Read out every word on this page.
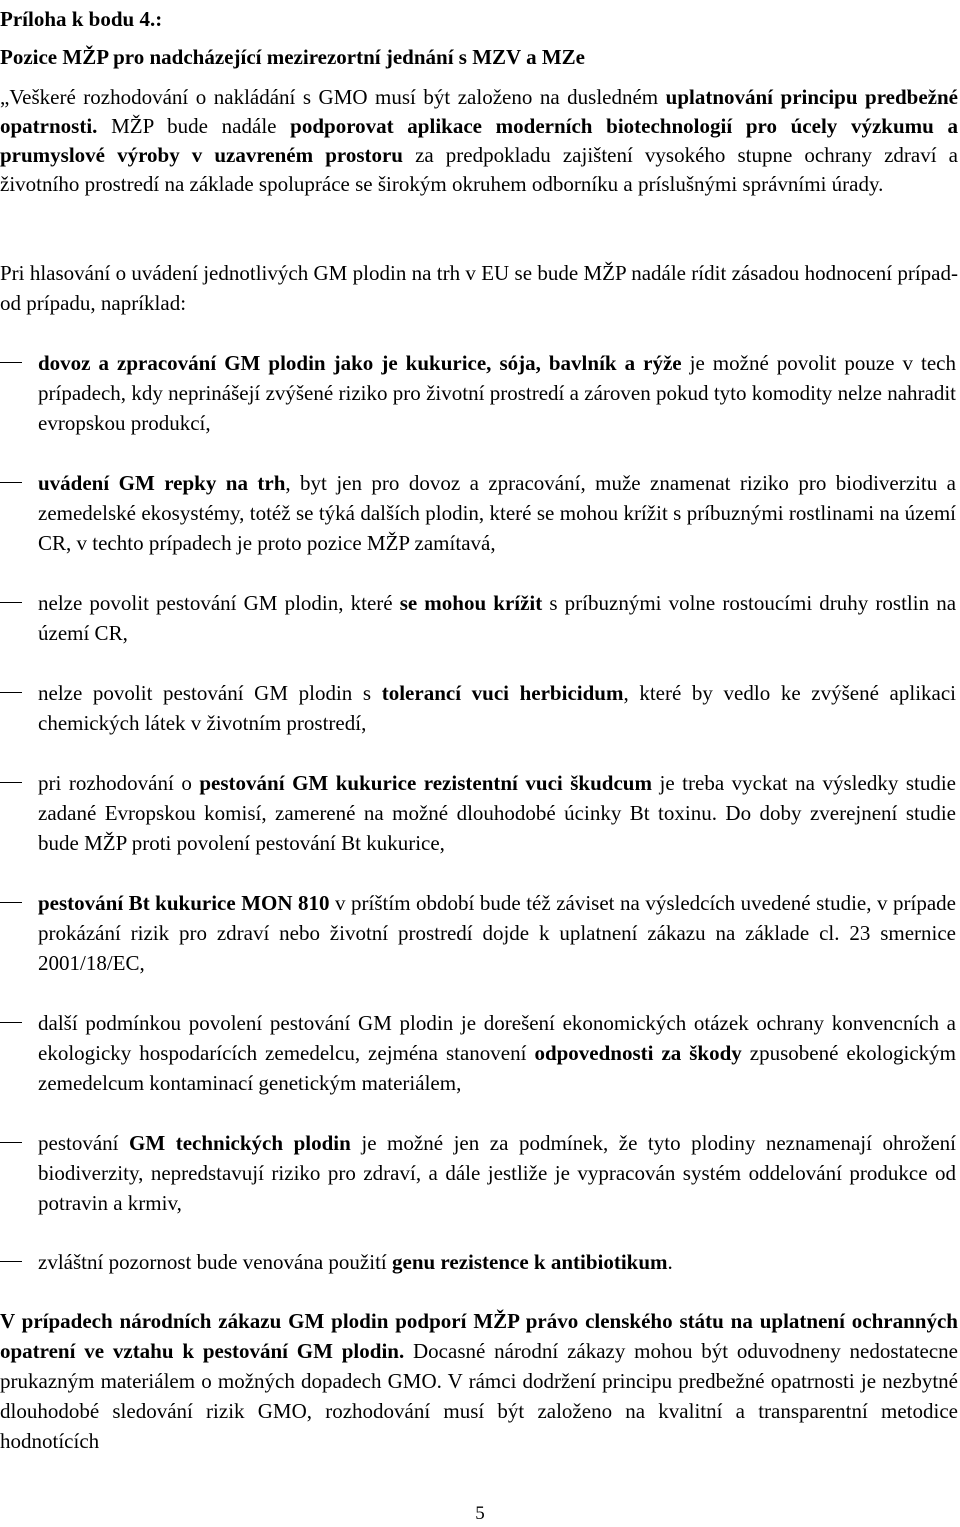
Príloha k bodu 4.:
Pozice MŽP pro nadcházející mezirezortní jednání s MZV a MZe
„Veškeré rozhodování o nakládání s GMO musí být založeno na dusledném uplatnování principu predbežné opatrnosti. MŽP bude nadále podporovat aplikace moderních biotechnologií pro úcely výzkumu a prumyslové výroby v uzavreném prostoru za predpokladu zajištení vysokého stupne ochrany zdraví a životního prostredí na základe spolupráce se širokým okruhem odborníku a príslušnými správními úrady.
Pri hlasování o uvádení jednotlivých GM plodin na trh v EU se bude MŽP nadále rídit zásadou hodnocení prípad-od prípadu, napríklad:
dovoz a zpracování GM plodin jako je kukurice, sója, bavlník a rýže je možné povolit pouze v tech prípadech, kdy neprinášejí zvýšené riziko pro životní prostredí a zároven pokud tyto komodity nelze nahradit evropskou produkcí,
uvádení GM repky na trh, byt jen pro dovoz a zpracování, muže znamenat riziko pro biodiverzitu a zemedelské ekosystémy, totéž se týká dalších plodin, které se mohou krížit s príbuznými rostlinami na území CR, v techto prípadech je proto pozice MŽP zamítavá,
nelze povolit pestování GM plodin, které se mohou krížit s príbuznými volne rostoucími druhy rostlin na území CR,
nelze povolit pestování GM plodin s tolerancí vuci herbicidum, které by vedlo ke zvýšené aplikaci chemických látek v životním prostredí,
pri rozhodování o pestování GM kukurice rezistentní vuci škudcum je treba vyckat na výsledky studie zadané Evropskou komisí, zamerené na možné dlouhodobé úcinky Bt toxinu. Do doby zverejnení studie bude MŽP proti povolení pestování Bt kukurice,
pestování Bt kukurice MON 810 v príštím období bude též záviset na výsledcích uvedené studie, v prípade prokázání rizik pro zdraví nebo životní prostredí dojde k uplatnení zákazu na základe cl. 23 smernice 2001/18/EC,
další podmínkou povolení pestování GM plodin je dorešení ekonomických otázek ochrany konvencních a ekologicky hospodarících zemedelcu, zejména stanovení odpovednosti za škody zpusobené ekologickým zemedelcum kontaminací genetickým materiálem,
pestování GM technických plodin je možné jen za podmínek, že tyto plodiny neznamenají ohrožení biodiverzity, nepredstavují riziko pro zdraví, a dále jestliže je vypracován systém oddelování produkce od potravin a krmiv,
zvláštní pozornost bude venována použití genu rezistence k antibiotikum.
V prípadech národních zákazu GM plodin podporí MŽP právo clenského státu na uplatnení ochranných opatrení ve vztahu k pestování GM plodin. Docasné národní zákazy mohou být oduvodneny nedostatecne prukazným materiálem o možných dopadech GMO. V rámci dodržení principu predbežné opatrnosti je nezbytné dlouhodobé sledování rizik GMO, rozhodování musí být založeno na kvalitní a transparentní metodice hodnotících
5
